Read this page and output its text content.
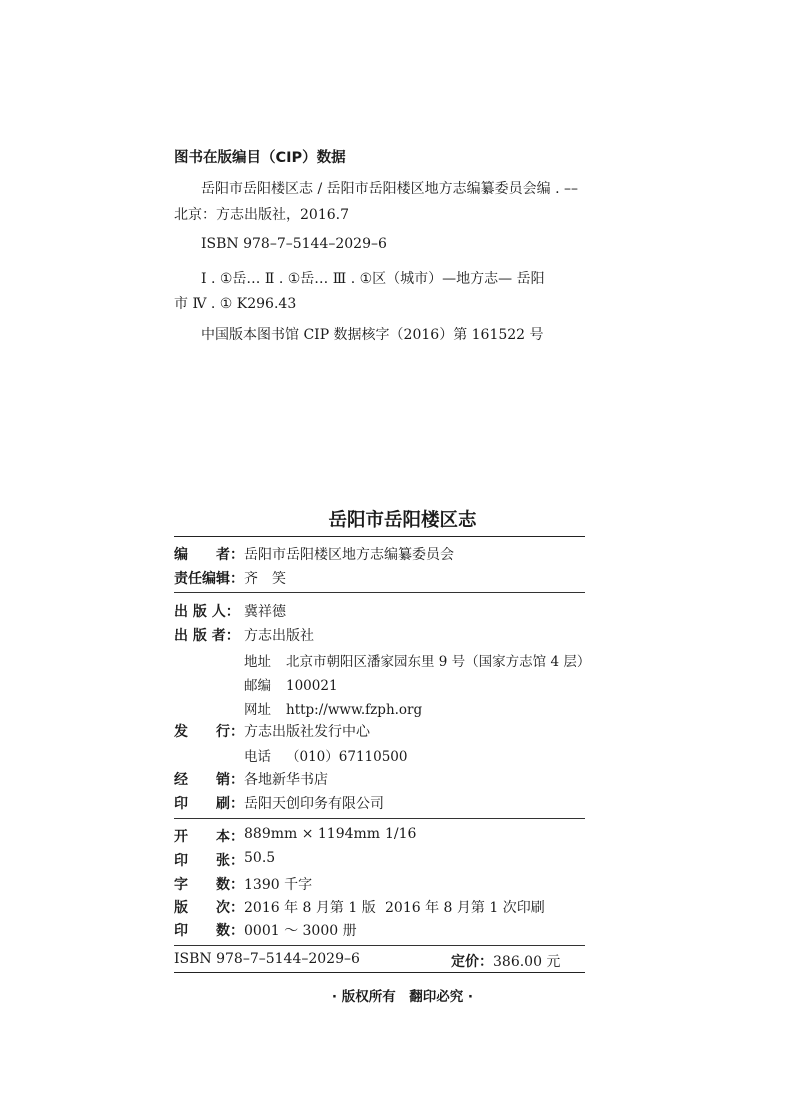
图书在版编目（CIP）数据
岳阳市岳阳楼区志 / 岳阳市岳阳楼区地方志编纂委员会编 . ––
北京：方志出版社，2016.7
ISBN 978–7–5144–2029–6
Ⅰ . ①岳… Ⅱ . ①岳… Ⅲ . ①区（城市）—地方志— 岳阳
市 Ⅳ . ① K296.43
中国版本图书馆 CIP 数据核字（2016）第 161522 号
岳阳市岳阳楼区志
编　　者： 岳阳市岳阳楼区地方志编纂委员会
责任编辑： 齐　笑
出 版 人： 冀祥德
出 版 者： 方志出版社
地址 北京市朝阳区潘家园东里 9 号（国家方志馆 4 层）
邮编 100021
网址 http://www.fzph.org
发　　行： 方志出版社发行中心
电话 （010）67110500
经　　销： 各地新华书店
印　　刷： 岳阳天创印务有限公司
开　　本： 889mm × 1194mm 1/16
印　　张： 50.5
字　　数： 1390 千字
版　　次： 2016 年 8 月第 1 版 2016 年 8 月第 1 次印刷
印　　数： 0001 ～ 3000 册
ISBN 978–7–5144–2029–6	定价：386.00 元
· 版权所有　翻印必究 ·
